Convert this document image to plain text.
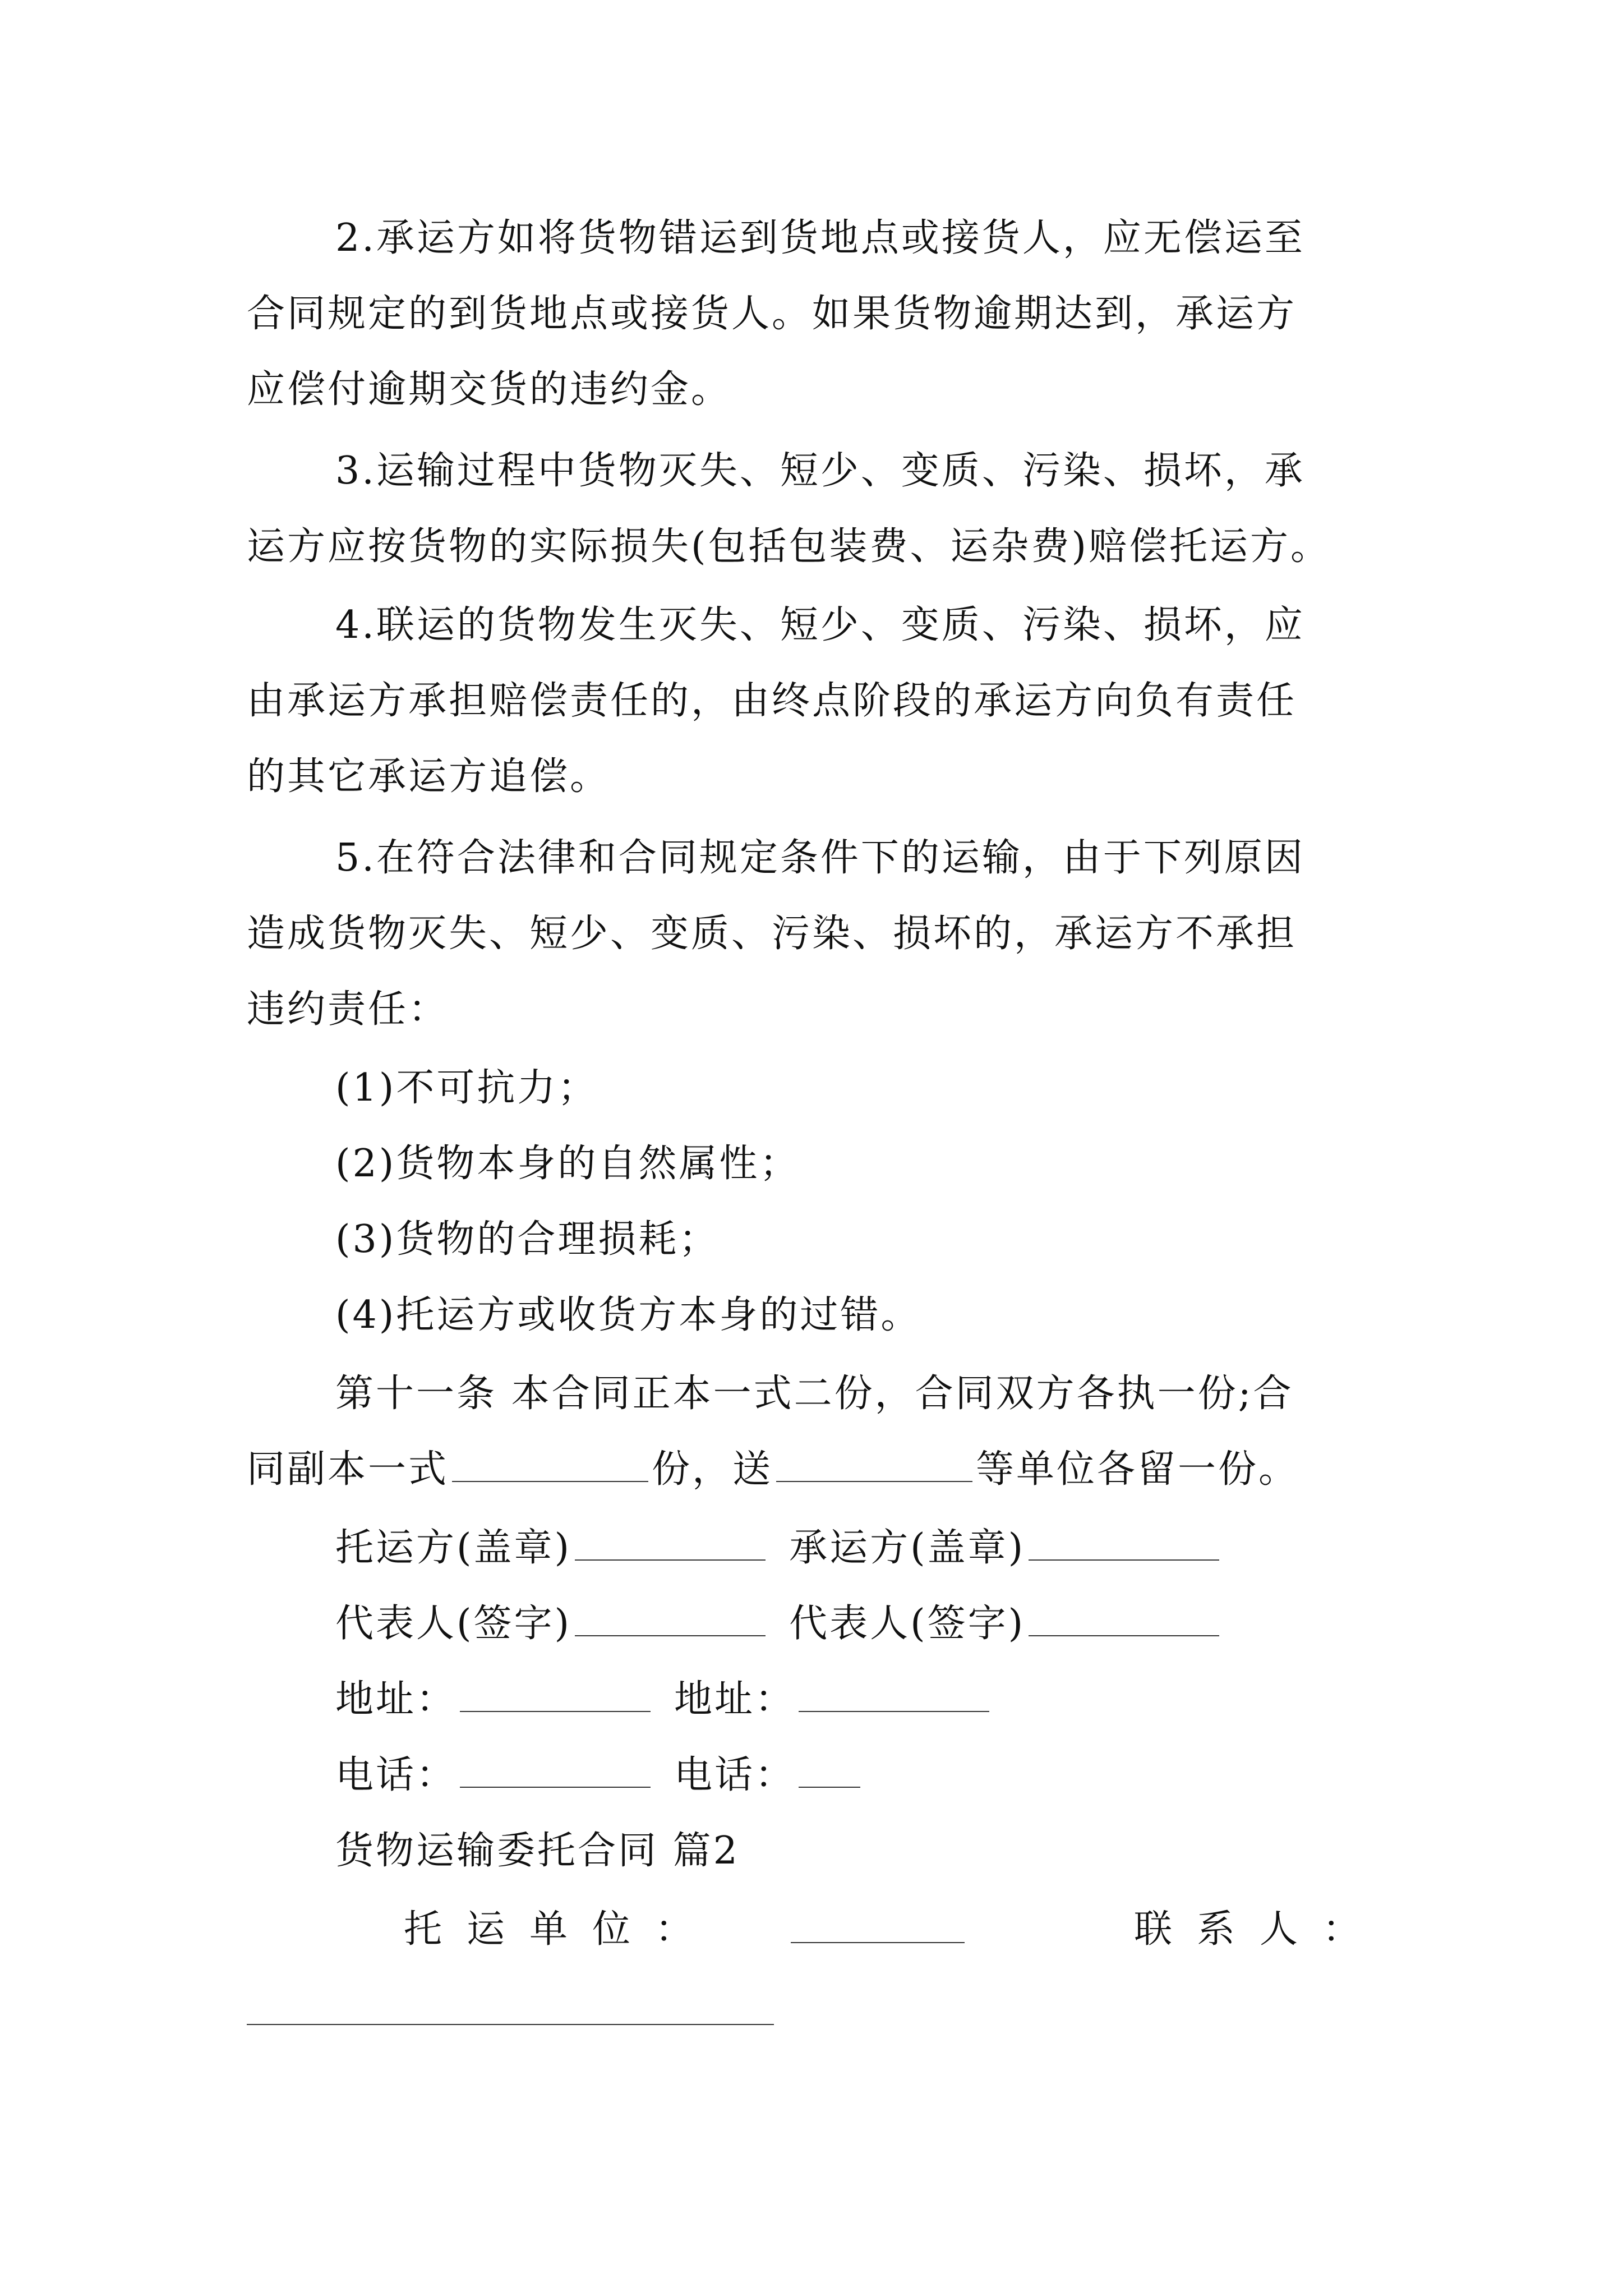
2.承运方如将货物错运到货地点或接货人，应无偿运至
合同规定的到货地点或接货人。如果货物逾期达到，承运方
应偿付逾期交货的违约金。
3.运输过程中货物灭失、短少、变质、污染、损坏，承
运方应按货物的实际损失(包括包装费、运杂费)赔偿托运方。
4.联运的货物发生灭失、短少、变质、污染、损坏，应
由承运方承担赔偿责任的，由终点阶段的承运方向负有责任
的其它承运方追偿。
5.在符合法律和合同规定条件下的运输，由于下列原因
造成货物灭失、短少、变质、污染、损坏的，承运方不承担
违约责任：
(1)不可抗力；
(2)货物本身的自然属性；
(3)货物的合理损耗；
(4)托运方或收货方本身的过错。
第十一条 本合同正本一式二份，合同双方各执一份;合
同副本一式	份，送	等单位各留一份。
托运方(盖章)	承运方(盖章)
代表人(签字)	代表人(签字)
地址：	地址：
电话：	电话：
货物运输委托合同 篇2
托运单位：	联系人：
